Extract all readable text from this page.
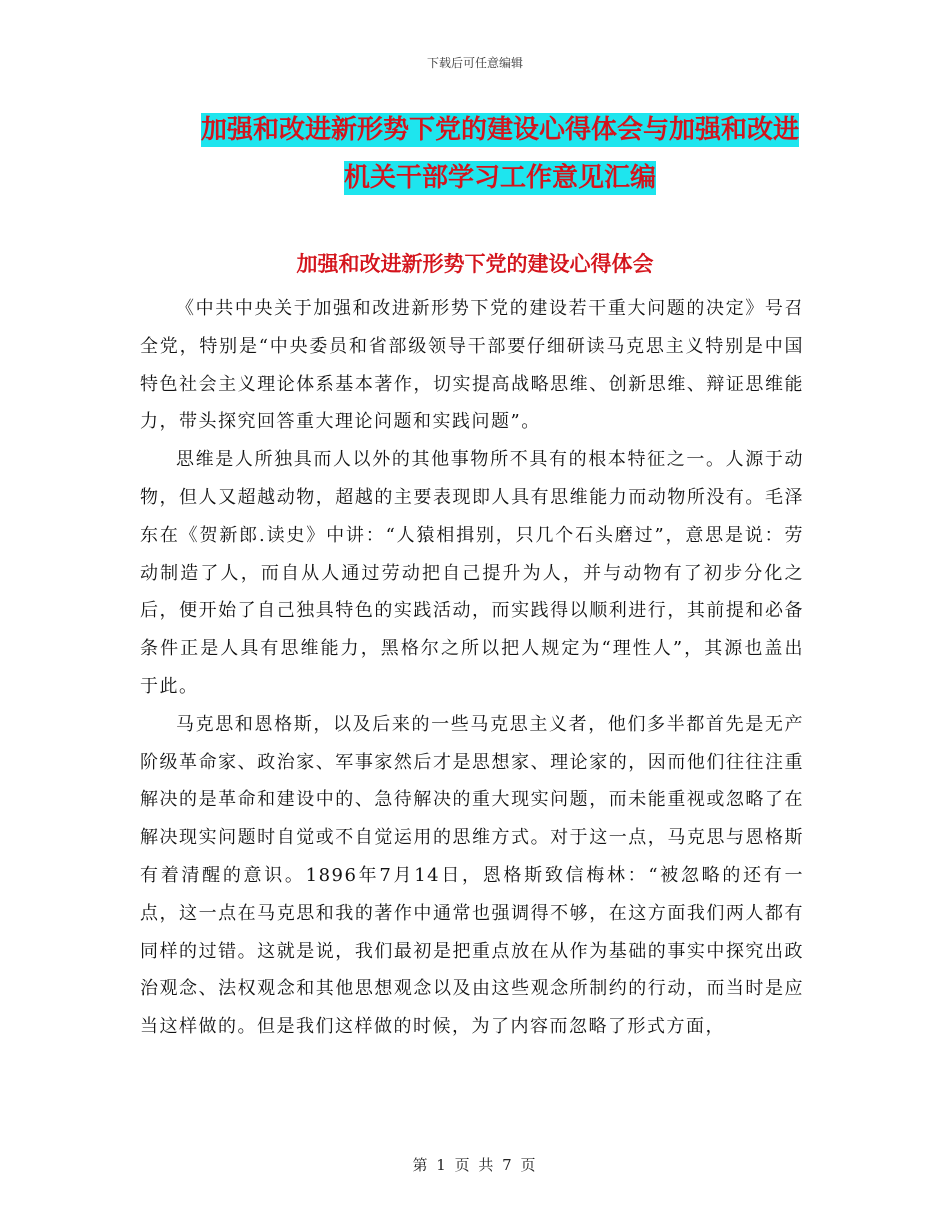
下载后可任意编辑
加强和改进新形势下党的建设心得体会与加强和改进
机关干部学习工作意见汇编
加强和改进新形势下党的建设心得体会

《中共中央关于加强和改进新形势下党的建设若干重大问题的决定》号召全党，特别是“中央委员和省部级领导干部要仔细研读马克思主义特别是中国特色社会主义理论体系基本著作，切实提高战略思维、创新思维、辩证思维能力，带头探究回答重大理论问题和实践问题”。

思维是人所独具而人以外的其他事物所不具有的根本特征之一。人源于动物，但人又超越动物，超越的主要表现即人具有思维能力而动物所没有。毛泽东在《贺新郎.读史》中讲：“人猿相揖别，只几个石头磨过”，意思是说：劳动制造了人，而自从人通过劳动把自己提升为人，并与动物有了初步分化之后，便开始了自己独具特色的实践活动，而实践得以顺利进行，其前提和必备条件正是人具有思维能力，黑格尔之所以把人规定为“理性人”，其源也盖出于此。

马克思和恩格斯，以及后来的一些马克思主义者，他们多半都首先是无产阶级革命家、政治家、军事家然后才是思想家、理论家的，因而他们往往注重解决的是革命和建设中的、急待解决的重大现实问题，而未能重视或忽略了在解决现实问题时自觉或不自觉运用的思维方式。对于这一点，马克思与恩格斯有着清醒的意识。1896年7月14日，恩格斯致信梅林：“被忽略的还有一点，这一点在马克思和我的著作中通常也强调得不够，在这方面我们两人都有同样的过错。这就是说，我们最初是把重点放在从作为基础的事实中探究出政治观念、法权观念和其他思想观念以及由这些观念所制约的行动，而当时是应当这样做的。但是我们这样做的时候，为了内容而忽略了形式方面，

第 1 页 共 7 页
